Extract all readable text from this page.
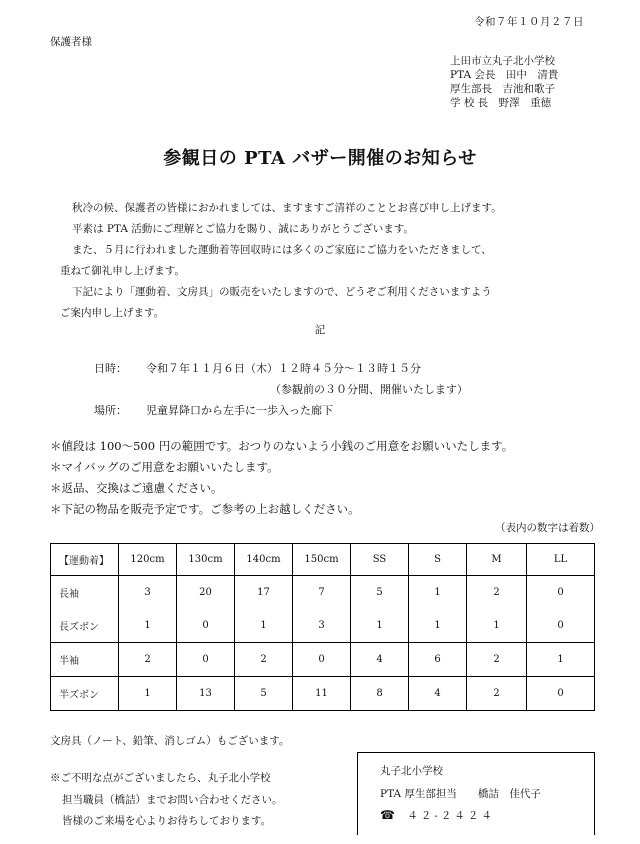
令和７年１０月２７日
保護者様
上田市立丸子北小学校
PTA 会長　田中　清貴
厚生部長　吉池和歌子
学 校 長　野澤　重徳
参観日の PTA バザー開催のお知らせ
秋冷の候、保護者の皆様におかれましては、ますますご清祥のこととお喜び申し上げます。
平素は PTA 活動にご理解とご協力を賜り、誠にありがとうございます。
また、５月に行われました運動着等回収時には多くのご家庭にご協力をいただきまして、
重ねて御礼申し上げます。
下記により「運動着、文房具」の販売をいたしますので、どうぞご利用くださいますよう
ご案内申し上げます。
記
日時： 令和７年１１月６日（木）１２時４５分～１３時１５分
（参観前の３０分間、開催いたします）
場所： 児童昇降口から左手に一歩入った廊下
＊値段は 100～500 円の範囲です。おつりのないよう小銭のご用意をお願いいたします。
＊マイバッグのご用意をお願いいたします。
＊返品、交換はご遠慮ください。
＊下記の物品を販売予定です。ご参考の上お越しください。
（表内の数字は着数）
【運動着】	120cm	130cm	140cm	150cm	SS	S	M	LL
長袖	3	20	17	7	5	1	2	0
長ズボン	1	0	1	3	1	1	1	0
半袖	2	0	2	0	4	6	2	1
半ズボン	1	13	5	11	8	4	2	0
文房具（ノート、鉛筆、消しゴム）もございます。
※ご不明な点がございましたら、丸子北小学校
担当職員（橋詰）までお問い合わせください。
皆様のご来場を心よりお待ちしております。
丸子北小学校
PTA 厚生部担当　　橋詰　佳代子
☎ ４２-２４２４
